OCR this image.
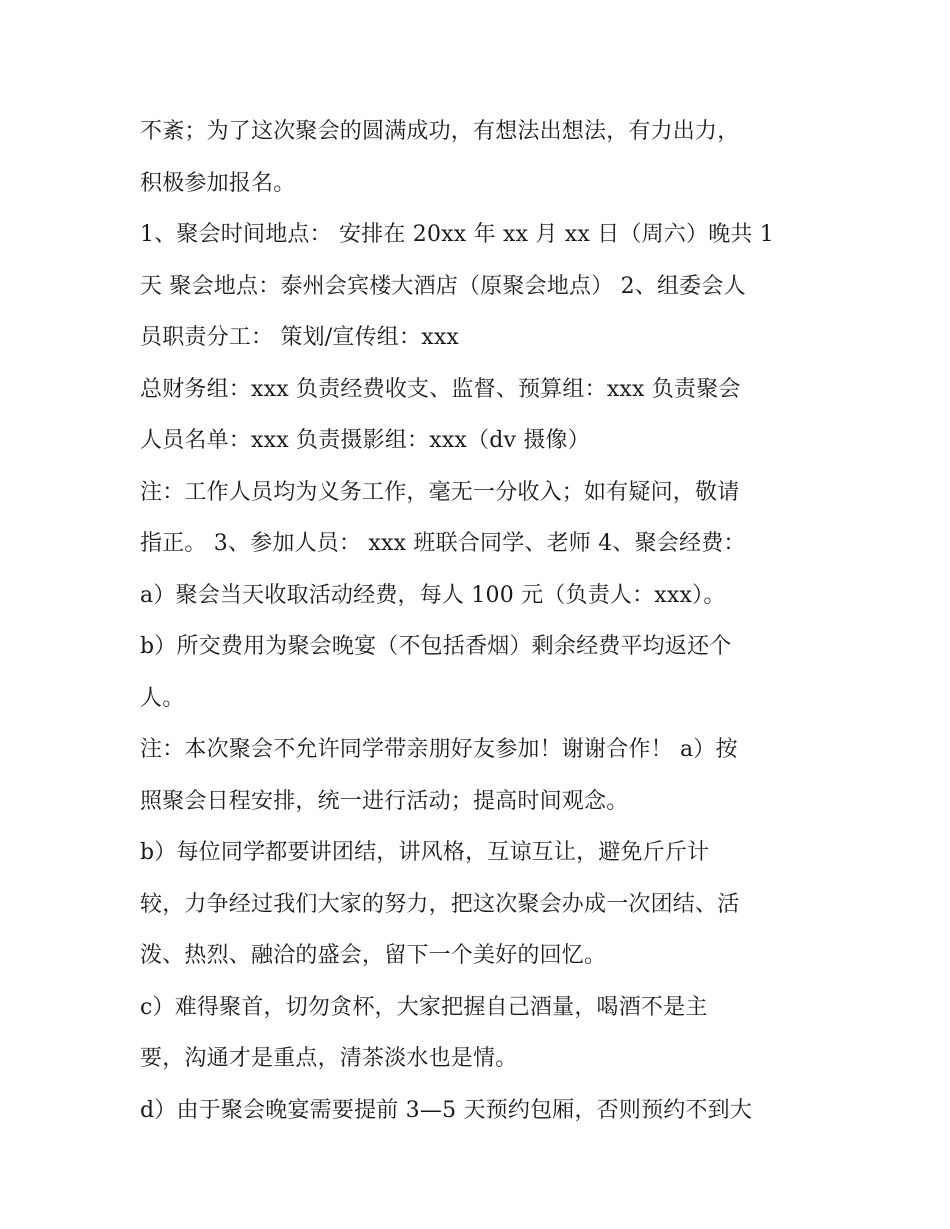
不紊；为了这次聚会的圆满成功，有想法出想法，有力出力，
积极参加报名。
1、聚会时间地点： 安排在 20xx 年 xx 月 xx 日（周六）晚共 1
天 聚会地点：泰州会宾楼大酒店（原聚会地点） 2、组委会人
员职责分工： 策划/宣传组：xxx
总财务组：xxx 负责经费收支、监督、预算组：xxx 负责聚会
人员名单：xxx 负责摄影组：xxx（dv 摄像）
注：工作人员均为义务工作，毫无一分收入；如有疑问，敬请
指正。 3、参加人员： xxx 班联合同学、老师 4、聚会经费：
a）聚会当天收取活动经费，每人 100 元（负责人：xxx）。
b）所交费用为聚会晚宴（不包括香烟）剩余经费平均返还个
人。
注：本次聚会不允许同学带亲朋好友参加！谢谢合作！ a）按
照聚会日程安排，统一进行活动；提高时间观念。
b）每位同学都要讲团结，讲风格，互谅互让，避免斤斤计
较，力争经过我们大家的努力，把这次聚会办成一次团结、活
泼、热烈、融洽的盛会，留下一个美好的回忆。
c）难得聚首，切勿贪杯，大家把握自己酒量，喝酒不是主
要，沟通才是重点，清茶淡水也是情。
d）由于聚会晚宴需要提前 3—5 天预约包厢，否则预约不到大
